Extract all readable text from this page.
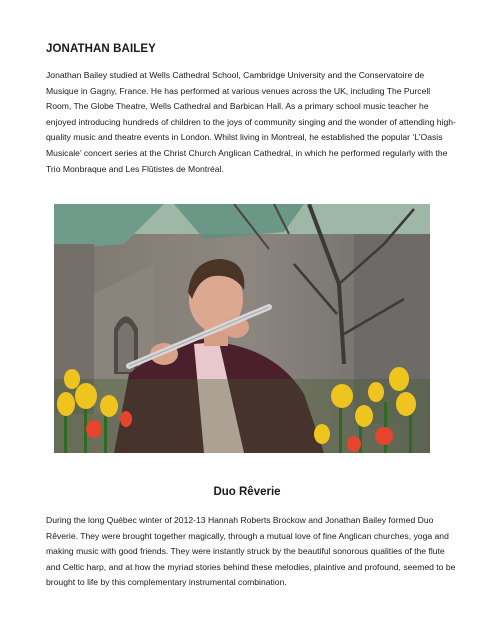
JONATHAN BAILEY

Jonathan Bailey studied at Wells Cathedral School, Cambridge University and the Conservatoire de Musique in Gagny, France. He has performed at various venues across the UK, including The Purcell Room, The Globe Theatre, Wells Cathedral and Barbican Hall. As a primary school music teacher he enjoyed introducing hundreds of children to the joys of community singing and the wonder of attending high-quality music and theatre events in London. Whilst living in Montreal, he established the popular ‘L’Oasis Musicale’ concert series at the Christ Church Anglican Cathedral, in which he performed regularly with the Trio Monbraque and Les Flûtistes de Montréal.

Duo Rêverie

During the long Québec winter of 2012-13 Hannah Roberts Brockow and Jonathan Bailey formed Duo Rêverie. They were brought together magically, through a mutual love of fine Anglican churches, yoga and making music with good friends. They were instantly struck by the beautiful sonorous qualities of the flute and Celtic harp, and at how the myriad stories behind these melodies, plaintive and profound, seemed to be brought to life by this complementary instrumental combination.
